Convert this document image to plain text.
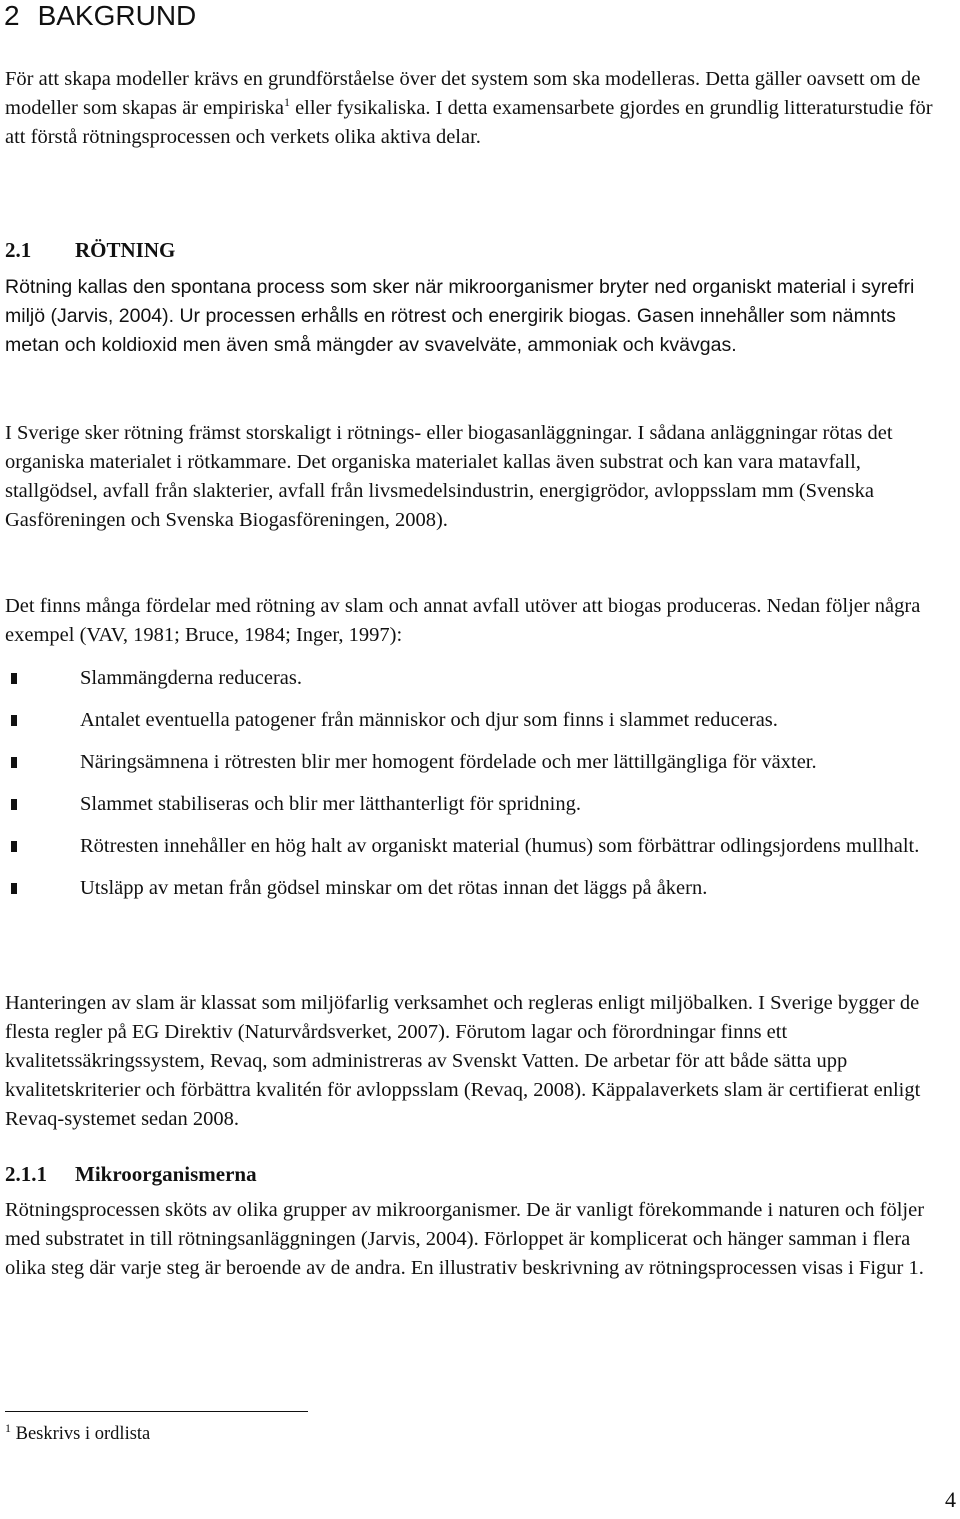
2 BAKGRUND

För att skapa modeller krävs en grundförståelse över det system som ska modelleras. Detta gäller oavsett om de modeller som skapas är empiriska$^1$ eller fysikaliska. I detta examensarbete gjordes en grundlig litteraturstudie för att förstå rötningsprocessen och verkets olika aktiva delar.

2.1 RÖTNING

Rötning kallas den spontana process som sker när mikroorganismer bryter ned organiskt material i syrefri miljö (Jarvis, 2004). Ur processen erhålls en rötrest och energirik biogas. Gasen innehåller som nämnts metan och koldioxid men även små mängder av svavelväte, ammoniak och kvävgas.

I Sverige sker rötning främst storskaligt i rötnings- eller biogasanläggningar. I sådana anläggningar rötas det organiska materialet i rötkammare. Det organiska materialet kallas även substrat och kan vara matavfall, stallgödsel, avfall från slakterier, avfall från livsmedelsindustrin, energigrödor, avloppsslam mm (Svenska Gasföreningen och Svenska Biogasföreningen, 2008).

Det finns många fördelar med rötning av slam och annat avfall utöver att biogas produceras. Nedan följer några exempel (VAV, 1981; Bruce, 1984; Inger, 1997):

Slammängderna reduceras.
Antalet eventuella patogener från människor och djur som finns i slammet reduceras.
Näringsämnena i rötresten blir mer homogent fördelade och mer lättillgängliga för växter.
Slammet stabiliseras och blir mer lätthanterligt för spridning.
Rötresten innehåller en hög halt av organiskt material (humus) som förbättrar odlingsjordens mullhalt.
Utsläpp av metan från gödsel minskar om det rötas innan det läggs på åkern.

Hanteringen av slam är klassat som miljöfarlig verksamhet och regleras enligt miljöbalken. I Sverige bygger de flesta regler på EG Direktiv (Naturvårdsverket, 2007). Förutom lagar och förordningar finns ett kvalitetssäkringssystem, Revaq, som administreras av Svenskt Vatten. De arbetar för att både sätta upp kvalitetskriterier och förbättra kvalitén för avloppsslam (Revaq, 2008). Käppalaverkets slam är certifierat enligt Revaq-systemet sedan 2008.

2.1.1 Mikroorganismerna

Rötningsprocessen sköts av olika grupper av mikroorganismer. De är vanligt förekommande i naturen och följer med substratet in till rötningsanläggningen (Jarvis, 2004). Förloppet är komplicerat och hänger samman i flera olika steg där varje steg är beroende av de andra. En illustrativ beskrivning av rötningsprocessen visas i Figur 1.

$^1$ Beskrivs i ordlista
4
